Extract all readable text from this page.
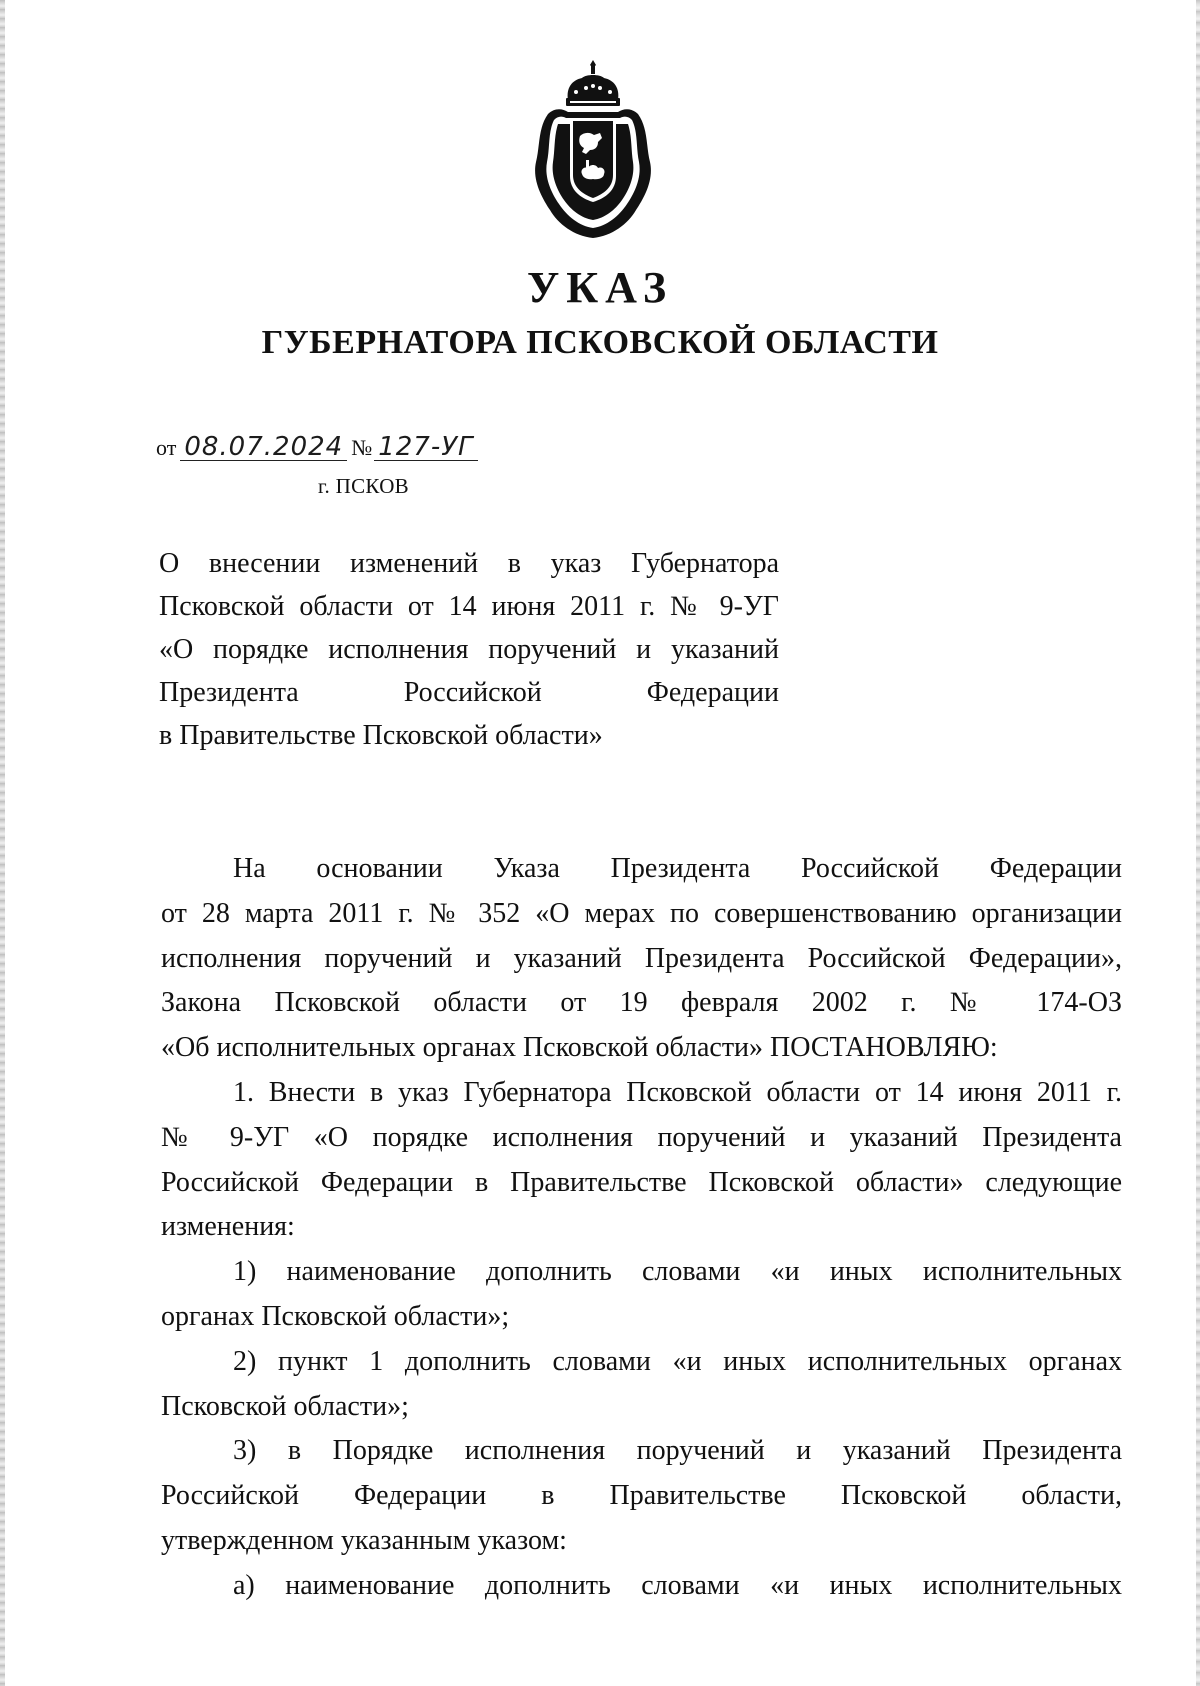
УКАЗ
ГУБЕРНАТОРА ПСКОВСКОЙ ОБЛАСТИ
от 08.07.2024 № 127-УГ
г. ПСКОВ
О внесении изменений в указ Губернатора
Псковской области от 14 июня 2011 г. № 9-УГ
«О порядке исполнения поручений и указаний
Президента Российской Федерации
в Правительстве Псковской области»
На основании Указа Президента Российской Федерации
от 28 марта 2011 г. № 352 «О мерах по совершенствованию организации
исполнения поручений и указаний Президента Российской Федерации»,
Закона Псковской области от 19 февраля 2002 г. № 174-ОЗ
«Об исполнительных органах Псковской области» ПОСТАНОВЛЯЮ:
1. Внести в указ Губернатора Псковской области от 14 июня 2011 г.
№ 9-УГ «О порядке исполнения поручений и указаний Президента
Российской Федерации в Правительстве Псковской области» следующие
изменения:
1) наименование дополнить словами «и иных исполнительных
органах Псковской области»;
2) пункт 1 дополнить словами «и иных исполнительных органах
Псковской области»;
3) в Порядке исполнения поручений и указаний Президента
Российской Федерации в Правительстве Псковской области,
утвержденном указанным указом:
а) наименование дополнить словами «и иных исполнительных
